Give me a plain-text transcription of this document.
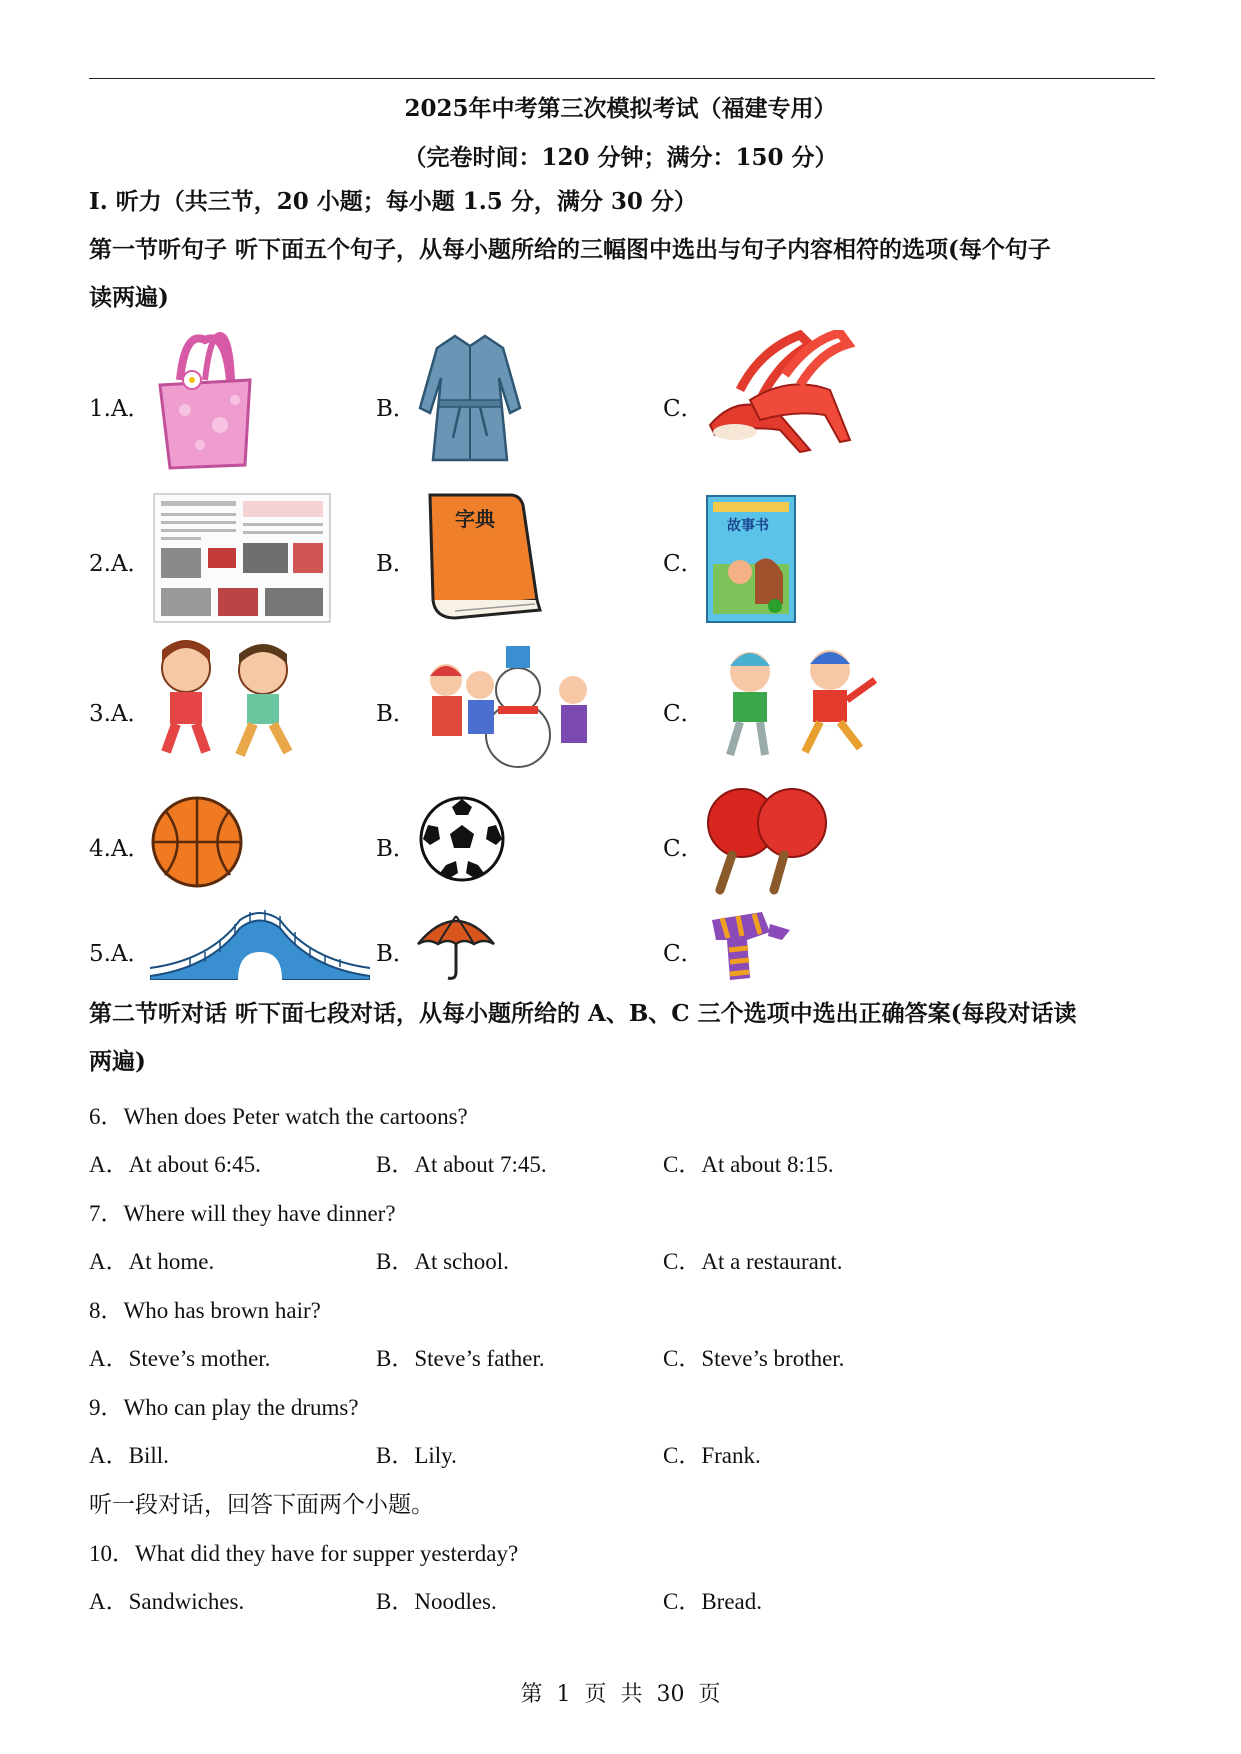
2025年中考第三次模拟考试（福建专用）
（完卷时间：120 分钟；满分：150 分）
I. 听力（共三节，20 小题；每小题 1.5 分，满分 30 分）
第一节听句子 听下面五个句子，从每小题所给的三幅图中选出与句子内容相符的选项(每个句子
读两遍)
1.A．	B．	C．
2.A．	B．	C．
字典	故事书
3.A．	B．	C．
4.A．	B．	C．
5.A．	B．	C．
第二节听对话 听下面七段对话，从每小题所给的 A、B、C 三个选项中选出正确答案(每段对话读
两遍)
6．When does Peter watch the cartoons?
A．At about 6:45.	B．At about 7:45.	C．At about 8:15.
7．Where will they have dinner?
A．At home.	B．At school.	C．At a restaurant.
8．Who has brown hair?
A．Steve’s mother.	B．Steve’s father.	C．Steve’s brother.
9．Who can play the drums?
A．Bill.	B．Lily.	C．Frank.
听一段对话，回答下面两个小题。
10．What did they have for supper yesterday?
A．Sandwiches.	B．Noodles.	C．Bread.
第  1  页  共  30  页
